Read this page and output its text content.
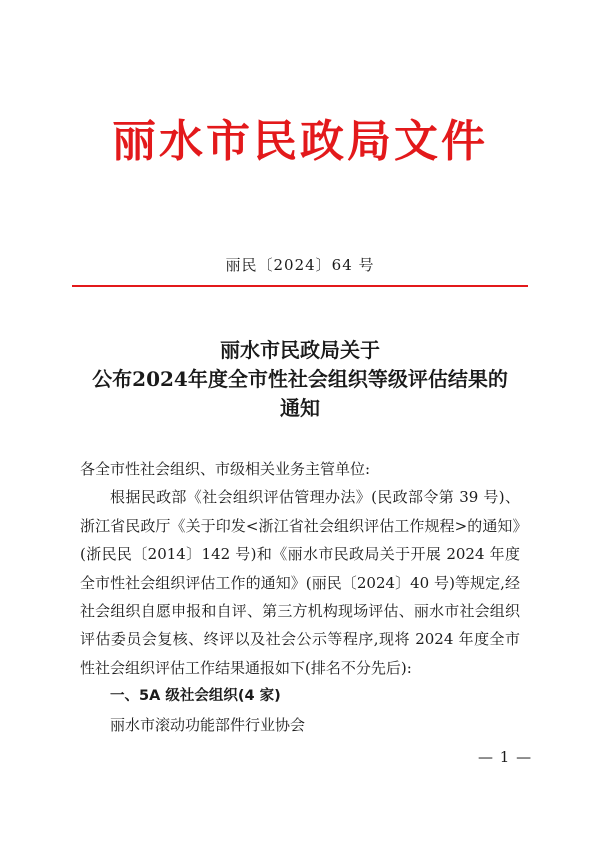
丽水市民政局文件
丽民〔2024〕64 号
丽水市民政局关于
公布2024年度全市性社会组织等级评估结果的
通知

各全市性社会组织、市级相关业务主管单位:

根据民政部《社会组织评估管理办法》(民政部令第 39 号)、浙江省民政厅《关于印发<浙江省社会组织评估工作规程>的通知》(浙民民〔2014〕142 号)和《丽水市民政局关于开展 2024 年度全市性社会组织评估工作的通知》(丽民〔2024〕40 号)等规定,经社会组织自愿申报和自评、第三方机构现场评估、丽水市社会组织评估委员会复核、终评以及社会公示等程序,现将 2024 年度全市性社会组织评估工作结果通报如下(排名不分先后):

一、5A 级社会组织(4 家)

丽水市滚动功能部件行业协会

— 1 —
